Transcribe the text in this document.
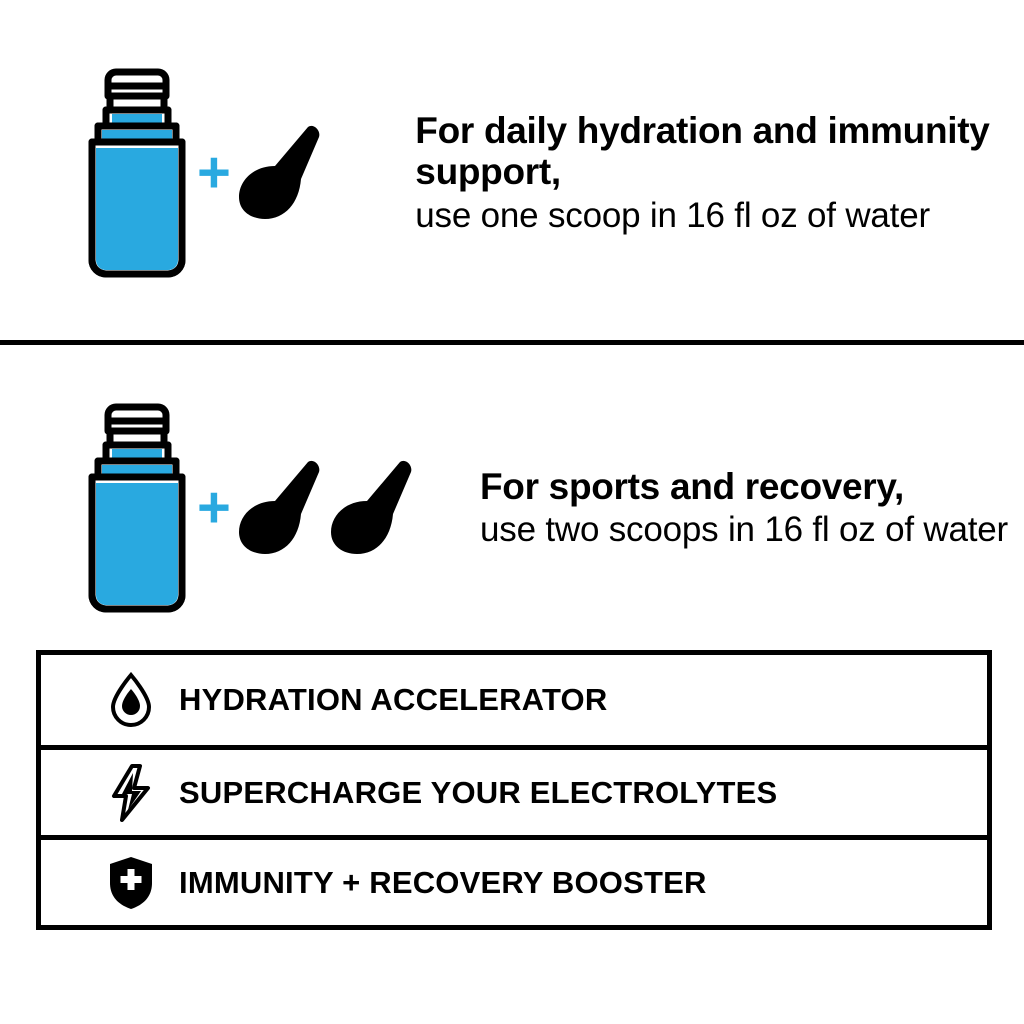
+

For daily hydration and immunity support,

use one scoop in 16 fl oz of water

+	For sports and recovery,

use two scoops in 16 fl oz of water

HYDRATION ACCELERATOR
SUPERCHARGE YOUR ELECTROLYTES
IMMUNITY + RECOVERY BOOSTER
